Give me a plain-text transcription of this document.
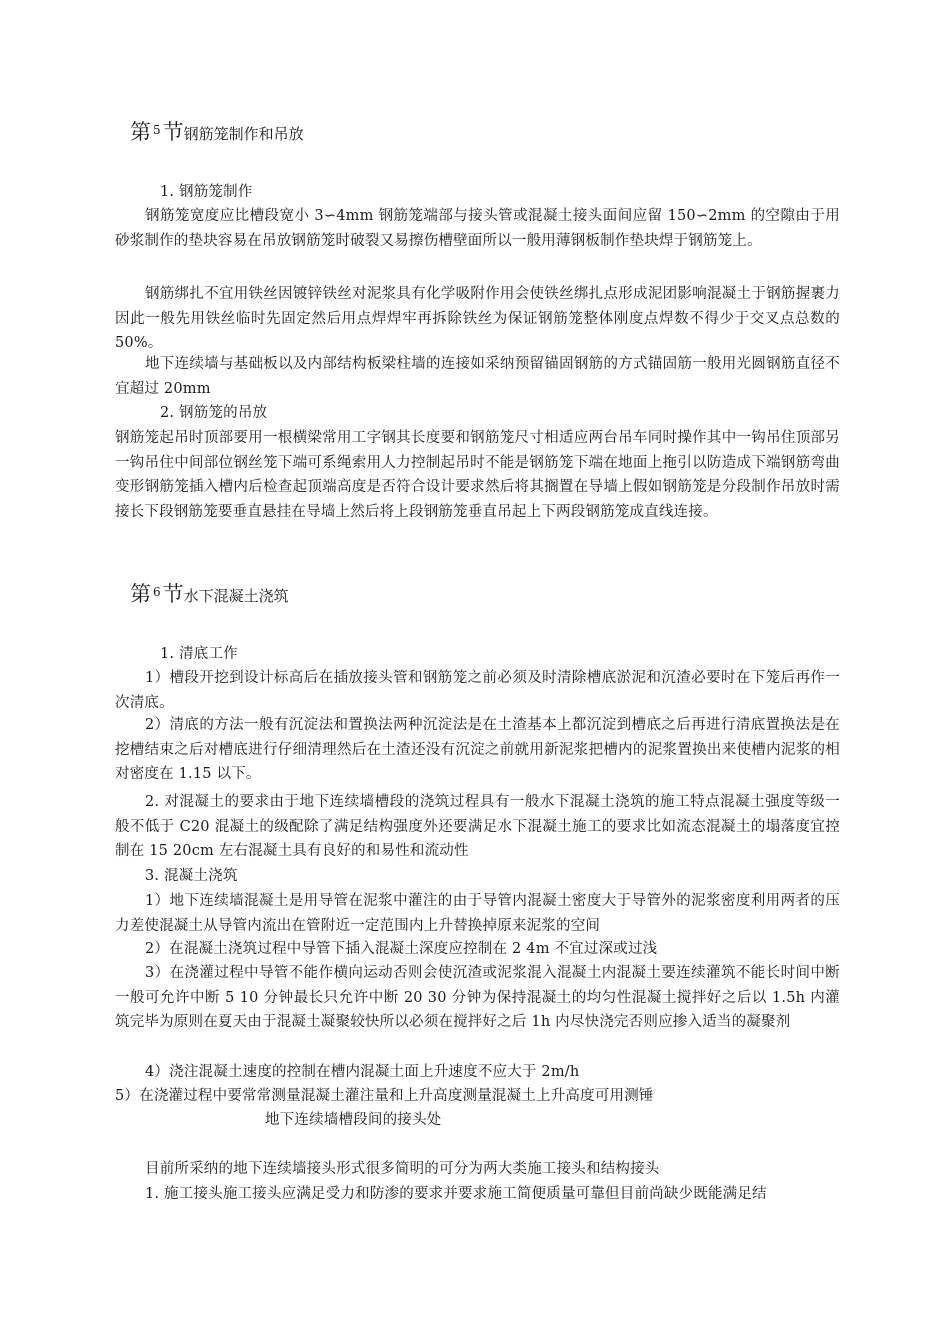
第 $^5$节钢筋笼制作和吊放
1. 钢筋笼制作
钢筋笼宽度应比槽段宽小 3∽4mm 钢筋笼端部与接头管或混凝土接头面间应留 150∽2mm 的空隙由于用砂浆制作的垫块容易在吊放钢筋笼时破裂又易擦伤槽壁面所以一般用薄钢板制作垫块焊于钢筋笼上。
钢筋绑扎不宜用铁丝因镀锌铁丝对泥浆具有化学吸附作用会使铁丝绑扎点形成泥团影响混凝土于钢筋握裹力因此一般先用铁丝临时先固定然后用点焊焊牢再拆除铁丝为保证钢筋笼整体刚度点焊数不得少于交叉点总数的 50%。
地下连续墙与基础板以及内部结构板梁柱墙的连接如采纳预留锚固钢筋的方式锚固筋一般用光圆钢筋直径不宜超过 20mm
2. 钢筋笼的吊放
钢筋笼起吊时顶部要用一根横梁常用工字钢其长度要和钢筋笼尺寸相适应两台吊车同时操作其中一钩吊住顶部另一钩吊住中间部位钢丝笼下端可系绳索用人力控制起吊时不能是钢筋笼下端在地面上拖引以防造成下端钢筋弯曲变形钢筋笼插入槽内后检查起顶端高度是否符合设计要求然后将其搁置在导墙上假如钢筋笼是分段制作吊放时需接长下段钢筋笼要垂直悬挂在导墙上然后将上段钢筋笼垂直吊起上下两段钢筋笼成直线连接。
第 $^6$节水下混凝土浇筑
1. 清底工作
1）槽段开挖到设计标高后在插放接头管和钢筋笼之前必须及时清除槽底淤泥和沉渣必要时在下笼后再作一次清底。
2）清底的方法一般有沉淀法和置换法两种沉淀法是在土渣基本上都沉淀到槽底之后再进行清底置换法是在挖槽结束之后对槽底进行仔细清理然后在土渣还没有沉淀之前就用新泥浆把槽内的泥浆置换出来使槽内泥浆的相对密度在 1.15 以下。
2. 对混凝土的要求由于地下连续墙槽段的浇筑过程具有一般水下混凝土浇筑的施工特点混凝土强度等级一般不低于 C20 混凝土的级配除了满足结构强度外还要满足水下混凝土施工的要求比如流态混凝土的塌落度宜控制在 15 20cm 左右混凝土具有良好的和易性和流动性
3. 混凝土浇筑
1）地下连续墙混凝土是用导管在泥浆中灌注的由于导管内混凝土密度大于导管外的泥浆密度利用两者的压力差使混凝土从导管内流出在管附近一定范围内上升替换掉原来泥浆的空间
2）在混凝土浇筑过程中导管下插入混凝土深度应控制在 2 4m 不宜过深或过浅
3）在浇灌过程中导管不能作横向运动否则会使沉渣或泥浆混入混凝土内混凝土要连续灌筑不能长时间中断一般可允许中断 5 10 分钟最长只允许中断 20 30 分钟为保持混凝土的均匀性混凝土搅拌好之后以 1.5h 内灌筑完毕为原则在夏天由于混凝土凝聚较快所以必须在搅拌好之后 1h 内尽快浇完否则应掺入适当的凝聚剂
4）浇注混凝土速度的控制在槽内混凝土面上升速度不应大于 2m/h
5）在浇灌过程中要常常测量混凝土灌注量和上升高度测量混凝土上升高度可用测锤
地下连续墙槽段间的接头处
目前所采纳的地下连续墙接头形式很多简明的可分为两大类施工接头和结构接头
1. 施工接头施工接头应满足受力和防渗的要求并要求施工简便质量可靠但目前尚缺少既能满足结
